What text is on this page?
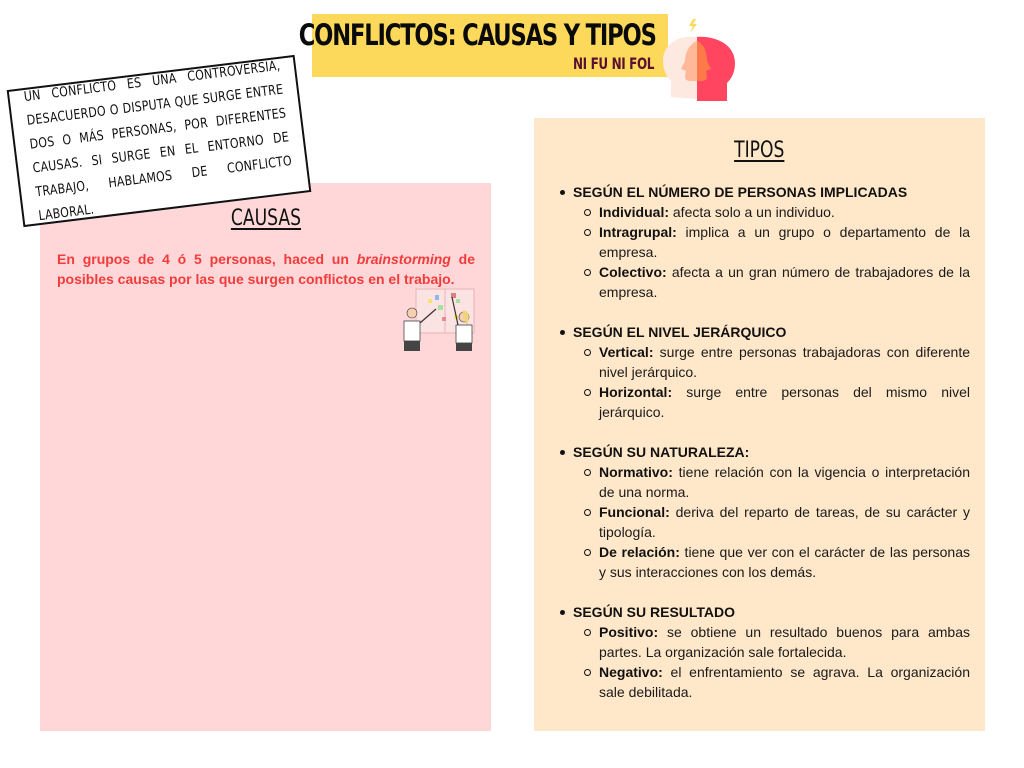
CONFLICTOS: CAUSAS Y TIPOS
NI FU NI FOL
UN CONFLICTO ES UNA CONTROVERSIA, DESACUERDO O DISPUTA QUE SURGE ENTRE DOS O MÁS PERSONAS, POR DIFERENTES CAUSAS. SI SURGE EN EL ENTORNO DE TRABAJO, HABLAMOS DE CONFLICTO LABORAL.	CAUSAS
En grupos de 4 ó 5 personas, haced un brainstorming de posibles causas por las que surgen conflictos en el trabajo.
TIPOS
SEGÚN EL NÚMERO DE PERSONAS IMPLICADAS
Individual: afecta solo a un individuo.
Intragrupal: implica a un grupo o departamento de la empresa.
Colectivo: afecta a un gran número de trabajadores de la empresa.
SEGÚN EL NIVEL JERÁRQUICO
Vertical: surge entre personas trabajadoras con diferente nivel jerárquico.
Horizontal: surge entre personas del mismo nivel jerárquico.
SEGÚN SU NATURALEZA:
Normativo: tiene relación con la vigencia o interpretación de una norma.
Funcional: deriva del reparto de tareas, de su carácter y tipología.
De relación: tiene que ver con el carácter de las personas y sus interacciones con los demás.
SEGÚN SU RESULTADO
Positivo: se obtiene un resultado buenos para ambas partes. La organización sale fortalecida.
Negativo: el enfrentamiento se agrava. La organización sale debilitada.
